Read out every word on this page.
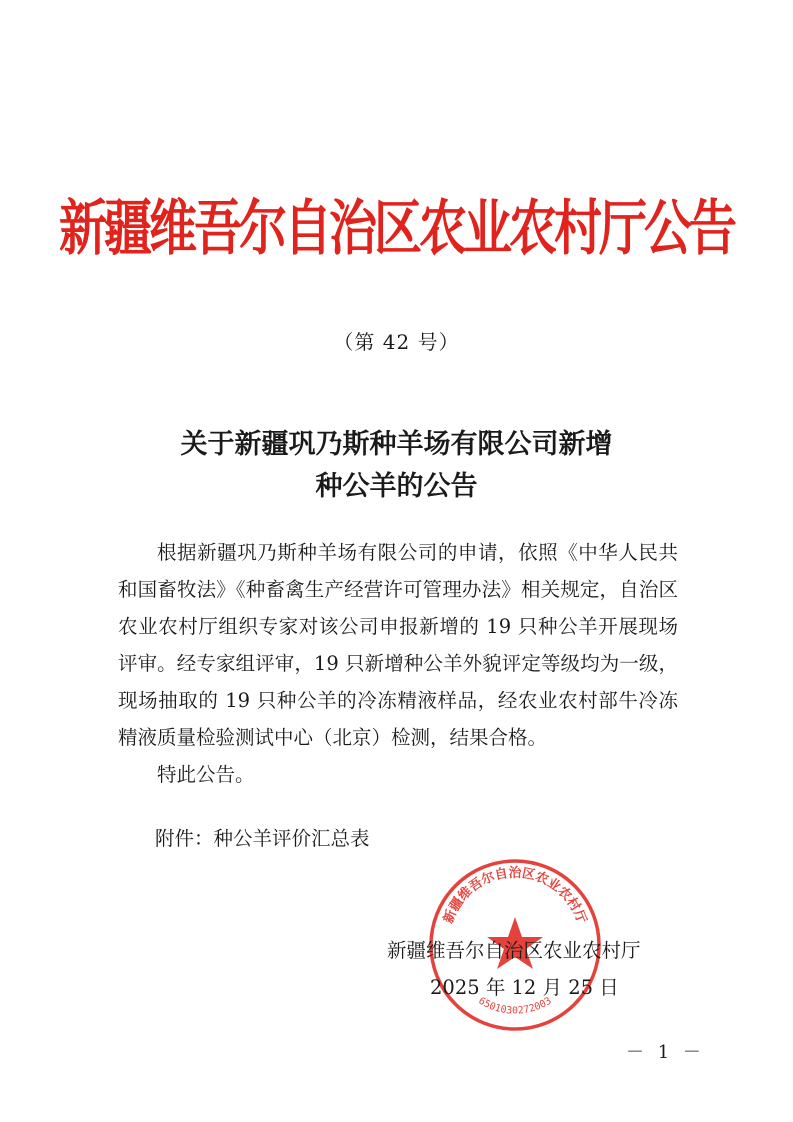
新疆维吾尔自治区农业农村厅公告
（第 42 号）
关于新疆巩乃斯种羊场有限公司新增
种公羊的公告

根据新疆巩乃斯种羊场有限公司的申请，依照《中华人民共和国畜牧法》《种畜禽生产经营许可管理办法》相关规定，自治区农业农村厅组织专家对该公司申报新增的 19 只种公羊开展现场评审。经专家组评审，19 只新增种公羊外貌评定等级均为一级，现场抽取的 19 只种公羊的冷冻精液样品，经农业农村部牛冷冻精液质量检验测试中心（北京）检测，结果合格。

特此公告。

附件：种公羊评价汇总表
新疆维吾尔自治区农业农村厅
6501030272003
新疆维吾尔自治区农业农村厅
2025 年 12 月 25 日
－ 1 －
